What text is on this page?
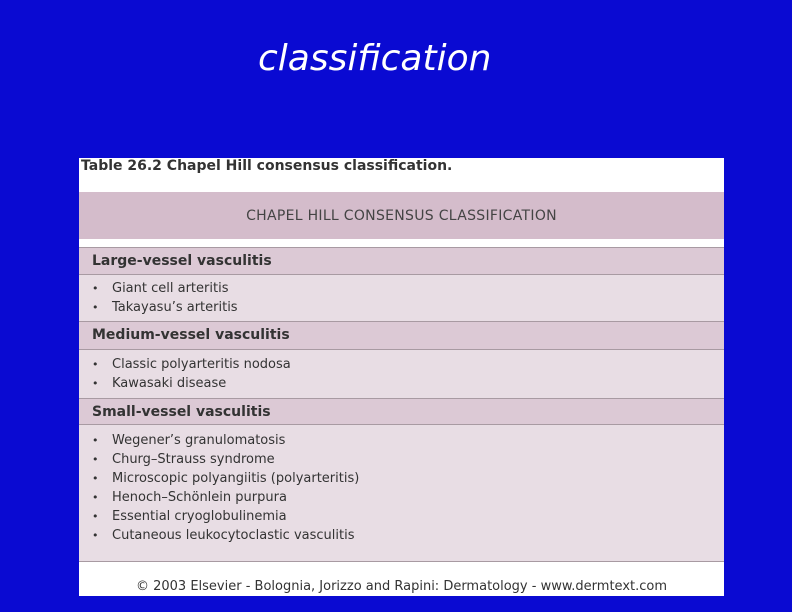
classification
Table 26.2 Chapel Hill consensus classification.
CHAPEL HILL CONSENSUS CLASSIFICATION
Large-vessel vasculitis
• Giant cell arteritis
• Takayasu’s arteritis
Medium-vessel vasculitis
• Classic polyarteritis nodosa
• Kawasaki disease
Small-vessel vasculitis
• Wegener’s granulomatosis
• Churg–Strauss syndrome
• Microscopic polyangiitis (polyarteritis)
• Henoch–Schönlein purpura
• Essential cryoglobulinemia
• Cutaneous leukocytoclastic vasculitis
© 2003 Elsevier - Bolognia, Jorizzo and Rapini: Dermatology - www.dermtext.com
